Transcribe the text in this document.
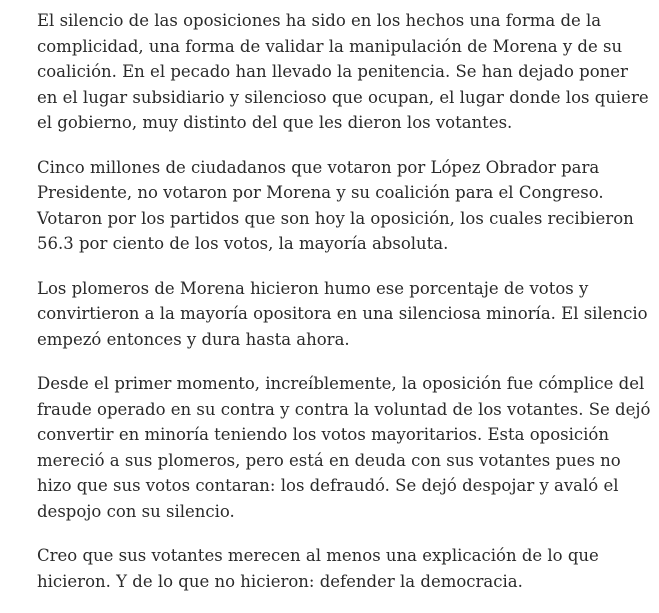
El silencio de las oposiciones ha sido en los hechos una forma de la complicidad, una forma de validar la manipulación de Morena y de su coalición. En el pecado han llevado la penitencia. Se han dejado poner en el lugar subsidiario y silencioso que ocupan, el lugar donde los quiere el gobierno, muy distinto del que les dieron los votantes.

Cinco millones de ciudadanos que votaron por López Obrador para Presidente, no votaron por Morena y su coalición para el Congreso. Votaron por los partidos que son hoy la oposición, los cuales recibieron 56.3 por ciento de los votos, la mayoría absoluta.

Los plomeros de Morena hicieron humo ese porcentaje de votos y convirtieron a la mayoría opositora en una silenciosa minoría. El silencio empezó entonces y dura hasta ahora.

Desde el primer momento, increíblemente, la oposición fue cómplice del fraude operado en su contra y contra la voluntad de los votantes. Se dejó convertir en minoría teniendo los votos mayoritarios. Esta oposición mereció a sus plomeros, pero está en deuda con sus votantes pues no hizo que sus votos contaran: los defraudó. Se dejó despojar y avaló el despojo con su silencio.

Creo que sus votantes merecen al menos una explicación de lo que hicieron. Y de lo que no hicieron: defender la democracia.
